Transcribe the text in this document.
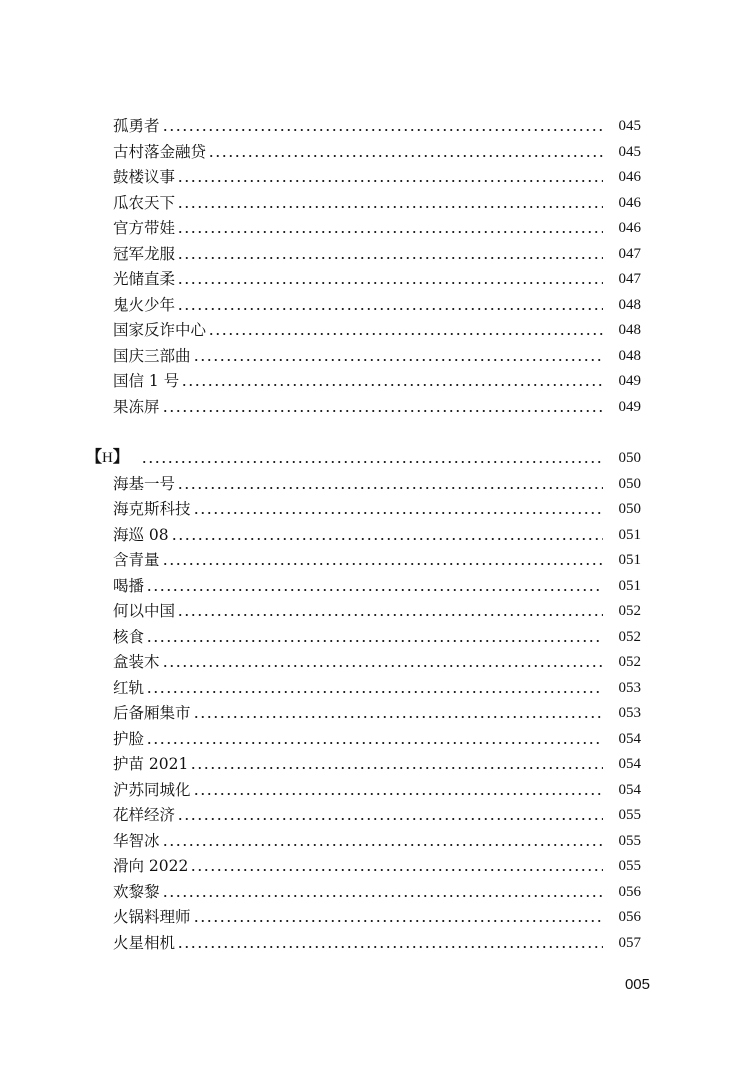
孤勇者	045
古村落金融贷	045
鼓楼议事	046
瓜农天下	046
官方带娃	046
冠军龙服	047
光储直柔	047
鬼火少年	048
国家反诈中心	048
国庆三部曲	048
国信 1 号	049
果冻屏	049
【H】	050
海基一号	050
海克斯科技	050
海巡 08	051
含青量	051
喝播	051
何以中国	052
核食	052
盒装木	052
红轨	053
后备厢集市	053
护脸	054
护苗 2021	054
沪苏同城化	054
花样经济	055
华智冰	055
滑向 2022	055
欢黎黎	056
火锅料理师	056
火星相机	057
005
